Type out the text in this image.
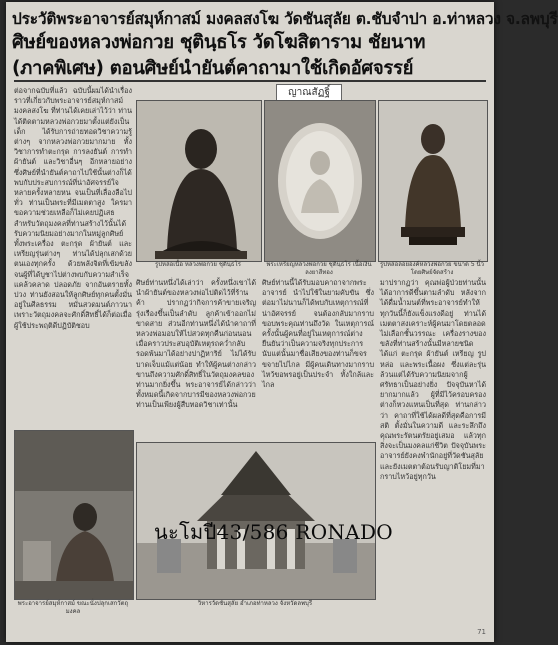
ประวัติพระอาจารย์สมุห์กาสม์ มงคลสงโฆ วัดชันสุลัย ต.ชับจำปา อ.ท่าหลวง จ.ลพบุรี
ศิษย์ของหลวงพ่อกวย ชุตินฺธโร วัดโฆสิตาราม ชัยนาท
(ภาคพิเศษ) ตอนศิษย์นำยันต์คาถามาใช้เกิดอัศจรรย์
ญาณสัฏฐิ์
ต่อจากฉบับที่แล้ว ฉบับนี้ผมได้นำเรื่องราวที่เกี่ยวกับพระอาจารย์สมุห์กาสม์ มงคลสงโฆ ที่ท่านได้เคยเล่าไว้ว่า ท่านได้ติดตามหลวงพ่อกวยมาตั้งแต่ยังเป็นเด็ก ได้รับการถ่ายทอดวิชาความรู้ต่างๆ จากหลวงพ่อกวยมากมาย ทั้งวิชาการทำตะกรุด การลงยันต์ การทำผ้ายันต์ และวิชาอื่นๆ อีกหลายอย่าง ซึ่งศิษย์ที่นำยันต์คาถาไปใช้นั้นต่างก็ได้พบกับประสบการณ์ที่น่าอัศจรรย์ใจ หลายครั้งหลายหน จนเป็นที่เลื่องลือไปทั่ว ท่านเป็นพระที่มีเมตตาสูง ใครมาขอความช่วยเหลือก็ไม่เคยปฏิเสธ สำหรับวัตถุมงคลที่ท่านสร้างไว้นั้นได้รับความนิยมอย่างมากในหมู่ลูกศิษย์ ทั้งพระเครื่อง ตะกรุด ผ้ายันต์ และเหรียญรุ่นต่างๆ ท่านได้ปลุกเสกด้วยตนเองทุกครั้ง ด้วยพลังจิตที่เข้มขลัง จนผู้ที่ได้บูชาไปต่างพบกับความสำเร็จ แคล้วคลาด ปลอดภัย จากอันตรายทั้งปวง ท่านยังสอนให้ลูกศิษย์ทุกคนตั้งมั่นอยู่ในศีลธรรม หมั่นสวดมนต์ภาวนา เพราะวัตถุมงคลจะศักดิ์สิทธิ์ได้ก็ต่อเมื่อผู้ใช้ประพฤติดีปฏิบัติชอบ
รูปหล่อเนื้อ หลวงพ่อกวย ชุตินฺธโร	พระเหรียญหลวงพ่อกวย ชุตินฺธโร เนื้อเงินลงยาสีทอง
รูปหล่อลอยองค์หลวงพ่อกวย ขนาด 5 นิ้ว โดยศิษย์จัดสร้าง
ศิษย์ท่านหนึ่งได้เล่าว่า ครั้งหนึ่งเขาได้นำผ้ายันต์ของหลวงพ่อไปติดไว้ที่ร้านค้า ปรากฏว่ากิจการค้าขายเจริญรุ่งเรืองขึ้นเป็นลำดับ ลูกค้าเข้าออกไม่ขาดสาย ส่วนอีกท่านหนึ่งได้นำคาถาที่หลวงพ่อมอบให้ไปสวดทุกคืนก่อนนอน เมื่อคราวประสบอุบัติเหตุรถคว่ำกลับรอดพ้นมาได้อย่างปาฏิหาริย์ ไม่ได้รับบาดเจ็บแม้แต่น้อย ทำให้ผู้คนต่างกล่าวขานถึงความศักดิ์สิทธิ์ในวัตถุมงคลของท่านมากยิ่งขึ้น พระอาจารย์ได้กล่าวว่า ทั้งหมดนี้เกิดจากบารมีของหลวงพ่อกวย ท่านเป็นเพียงผู้สืบทอดวิชาเท่านั้น
ศิษย์ท่านนี้ได้รับมอบคาถาจากพระอาจารย์ นำไปใช้ในยามคับขัน ซึ่งต่อมาไม่นานก็ได้พบกับเหตุการณ์ที่น่าอัศจรรย์ จนต้องกลับมากราบขอบพระคุณท่านถึงวัด ในเหตุการณ์ครั้งนั้นผู้คนที่อยู่ในเหตุการณ์ต่างยืนยันว่าเป็นความจริงทุกประการ นับแต่นั้นมาชื่อเสียงของท่านก็ขจรขจายไปไกล มีผู้คนเดินทางมากราบไหว้ขอพรอยู่เป็นประจำ ทั้งใกล้และไกล
มาปรากฏว่า คุณพ่อผู้ป่วยท่านนั้นได้อาการดีขึ้นตามลำดับ หลังจากได้ดื่มน้ำมนต์ที่พระอาจารย์ทำให้ ทุกวันนี้ก็ยังแข็งแรงดีอยู่ ท่านได้เมตตาสงเคราะห์ผู้คนมาโดยตลอดไม่เลือกชั้นวรรณะ เครื่องรางของขลังที่ท่านสร้างนั้นมีหลายชนิด ได้แก่ ตะกรุด ผ้ายันต์ เหรียญ รูปหล่อ และพระเนื้อผง ซึ่งแต่ละรุ่นล้วนแต่ได้รับความนิยมจากผู้ศรัทธาเป็นอย่างยิ่ง ปัจจุบันหาได้ยากมากแล้ว ผู้ที่มีไว้ครอบครองต่างก็หวงแหนเป็นที่สุด ท่านกล่าวว่า คาถาที่ใช้ได้ผลดีที่สุดคือการมีสติ ตั้งมั่นในความดี และระลึกถึงคุณพระรัตนตรัยอยู่เสมอ แล้วทุกสิ่งจะเป็นมงคลแก่ชีวิต ปัจจุบันพระอาจารย์ยังคงพำนักอยู่ที่วัดชันสุลัย และยังเมตตาต้อนรับญาติโยมที่มากราบไหว้อยู่ทุกวัน
พระอาจารย์สมุห์กาสม์ ขณะนั่งปลุกเสกวัตถุมงคล
วิหารวัดชันสุลัย อำเภอท่าหลวง จังหวัดลพบุรี
นะโมปี43/586 RONADO
71
